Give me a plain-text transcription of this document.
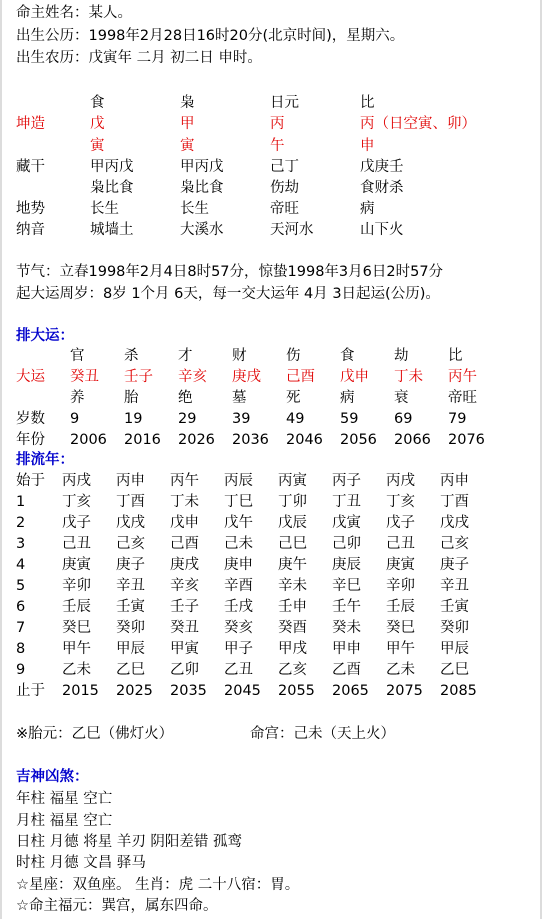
命主姓名：某人。
出生公历：1998年2月28日16时20分(北京时间)，星期六。
出生农历：戊寅年 二月 初二日 申时。
食	枭	日元	比
坤造	戊	甲	丙	丙（日空寅、卯）
寅	寅	午	申
藏干	甲丙戊	甲丙戊	己丁	戊庚壬
枭比食	枭比食	伤劫	食财杀
地势	长生	长生	帝旺	病
纳音	城墙土	大溪水	天河水	山下火
节气：立春1998年2月4日8时57分，惊蛰1998年3月6日2时57分
起大运周岁：8岁 1个月 6天，每一交大运年 4月 3日起运(公历)。
排大运：
官	杀	才	财	伤	食	劫	比
大运 癸丑 壬子 辛亥 庚戌 己酉 戊申 丁未 丙午
养	胎	绝	墓	死	病	衰	帝旺
岁数 9	19 29 39 49 59 69 79
年份 2006 2016 2026 2036 2046 2056 2066 2076
排流年：
始于 丙戌 丙申 丙午 丙辰 丙寅 丙子 丙戌 丙申
1	丁亥 丁酉 丁未 丁巳 丁卯 丁丑 丁亥 丁酉
2	戊子 戊戌 戊申 戊午 戊辰 戊寅 戊子 戊戌
3	己丑 己亥 己酉 己未 己巳 己卯 己丑 己亥
4	庚寅 庚子 庚戌 庚申 庚午 庚辰 庚寅 庚子
5	辛卯 辛丑 辛亥 辛酉 辛未 辛巳 辛卯 辛丑
6	壬辰 壬寅 壬子 壬戌 壬申 壬午 壬辰 壬寅
7	癸巳 癸卯 癸丑 癸亥 癸酉 癸未 癸巳 癸卯
8	甲午 甲辰 甲寅 甲子 甲戌 甲申 甲午 甲辰
9	乙未 乙巳 乙卯 乙丑 乙亥 乙酉 乙未 乙巳
止于 2015 2025 2035 2045 2055 2065 2075 2085
※胎元：乙巳（佛灯火）	命宫：己未（天上火）
吉神凶煞：
年柱 福星 空亡
月柱 福星 空亡
日柱 月德 将星 羊刃 阴阳差错 孤鸾
时柱 月德 文昌 驿马
☆星座：双鱼座。 生肖：虎 二十八宿：胃。
☆命主福元：巽宫，属东四命。
